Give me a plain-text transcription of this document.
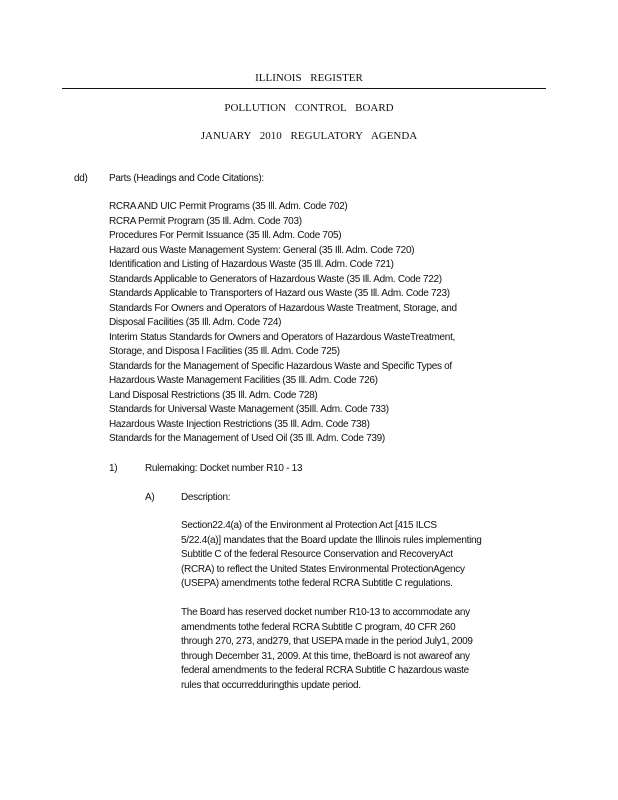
ILLINOIS REGISTER
POLLUTION CONTROL BOARD
JANUARY 2010 REGULATORY AGENDA
dd) Parts (Headings and Code Citations):
RCRA AND UIC Permit Programs (35 Ill. Adm. Code 702)
RCRA Permit Program (35 Ill. Adm. Code 703)
Procedures For Permit Issuance (35 Ill. Adm. Code 705)
Hazard ous Waste Management System: General (35 Ill. Adm. Code 720)
Identification and Listing of Hazardous Waste (35 Ill. Adm. Code 721)
Standards Applicable to Generators of Hazardous Waste (35 Ill. Adm. Code 722)
Standards Applicable to Transporters of Hazard ous Waste (35 Ill. Adm. Code 723)
Standards For Owners and Operators of Hazardous Waste Treatment, Storage, and
Disposal Facilities (35 Ill. Adm. Code 724)
Interim Status Standards for Owners and Operators of Hazardous WasteTreatment,
Storage, and Disposa l Facilities (35 Ill. Adm. Code 725)
Standards for the Management of Specific Hazardous Waste and Specific Types of
Hazardous Waste Management Facilities (35 Ill. Adm. Code 726)
Land Disposal Restrictions (35 Ill. Adm. Code 728)
Standards for Universal Waste Management (35Ill. Adm. Code 733)
Hazardous Waste Injection Restrictions (35 Ill. Adm. Code 738)
Standards for the Management of Used Oil (35 Ill. Adm. Code 739)
1)	Rulemaking: Docket number R10 - 13
A)	Description:
Section22.4(a) of the Environment al Protection Act [415 ILCS
5/22.4(a)] mandates that the Board update the Illinois rules implementing
Subtitle C of the federal Resource Conservation and RecoveryAct
(RCRA) to reflect the United States Environmental ProtectionAgency
(USEPA) amendments tothe federal RCRA Subtitle C regulations.
The Board has reserved docket number R10-13 to accommodate any
amendments tothe federal RCRA Subtitle C program, 40 CFR 260
through 270, 273, and279, that USEPA made in the period July1, 2009
through December 31, 2009. At this time, theBoard is not awareof any
federal amendments to the federal RCRA Subtitle C hazardous waste
rules that occurredduringthis update period.
